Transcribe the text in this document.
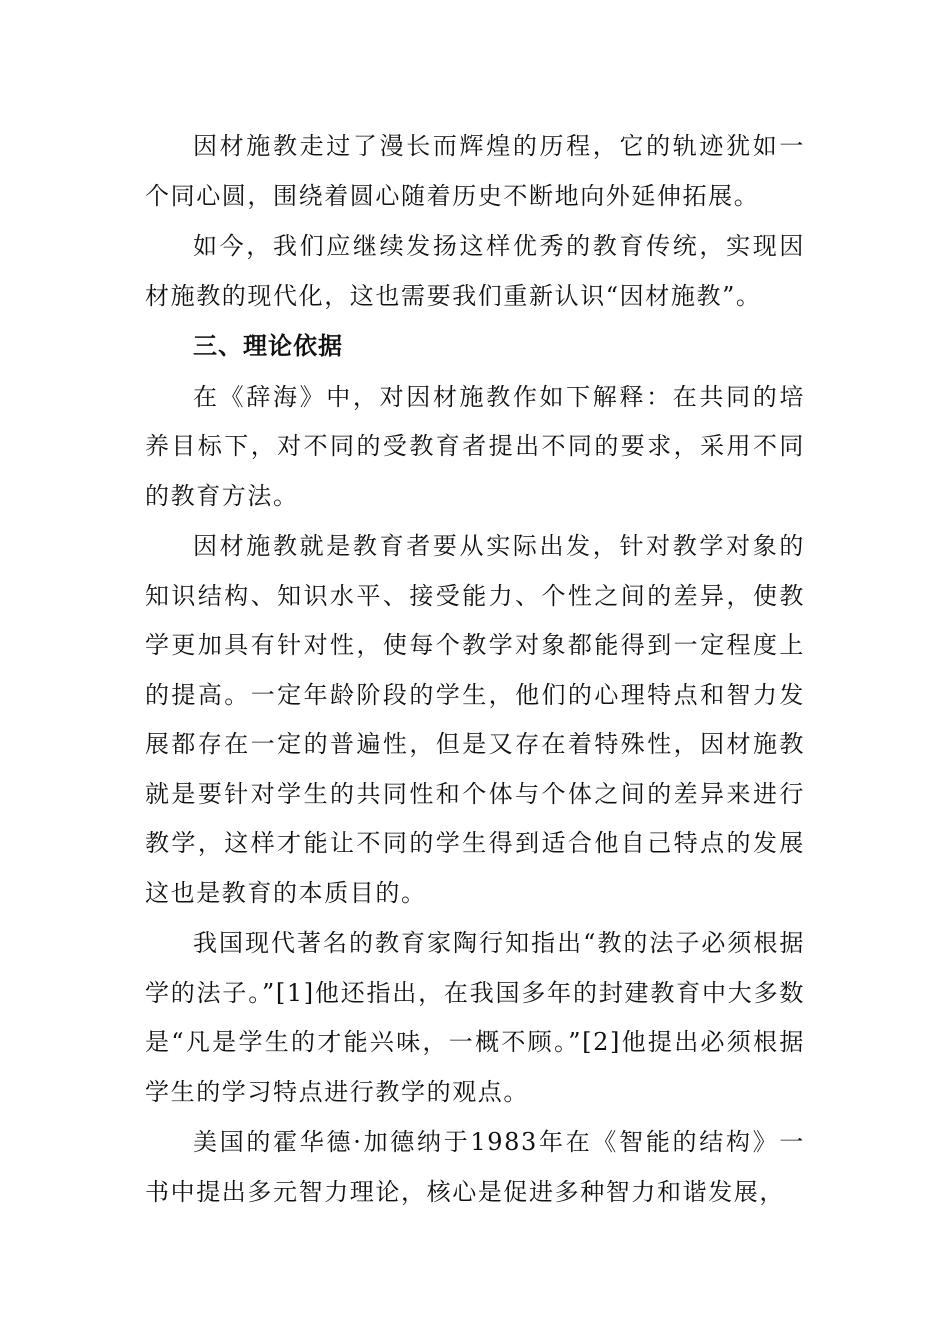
因材施教走过了漫长而辉煌的历程，它的轨迹犹如一个同心圆，围绕着圆心随着历史不断地向外延伸拓展。

如今，我们应继续发扬这样优秀的教育传统，实现因材施教的现代化，这也需要我们重新认识“因材施教”。

三、理论依据

在《辞海》中，对因材施教作如下解释：在共同的培养目标下，对不同的受教育者提出不同的要求，采用不同的教育方法。

因材施教就是教育者要从实际出发，针对教学对象的知识结构、知识水平、接受能力、个性之间的差异，使教学更加具有针对性，使每个教学对象都能得到一定程度上的提高。一定年龄阶段的学生，他们的心理特点和智力发展都存在一定的普遍性，但是又存在着特殊性，因材施教就是要针对学生的共同性和个体与个体之间的差异来进行教学，这样才能让不同的学生得到适合他自己特点的发展这也是教育的本质目的。

我国现代著名的教育家陶行知指出“教的法子必须根据学的法子。”[1]他还指出，在我国多年的封建教育中大多数是“凡是学生的才能兴味，一概不顾。”[2]他提出必须根据学生的学习特点进行教学的观点。

美国的霍华德·加德纳于1983年在《智能的结构》一书中提出多元智力理论，核心是促进多种智力和谐发展，
